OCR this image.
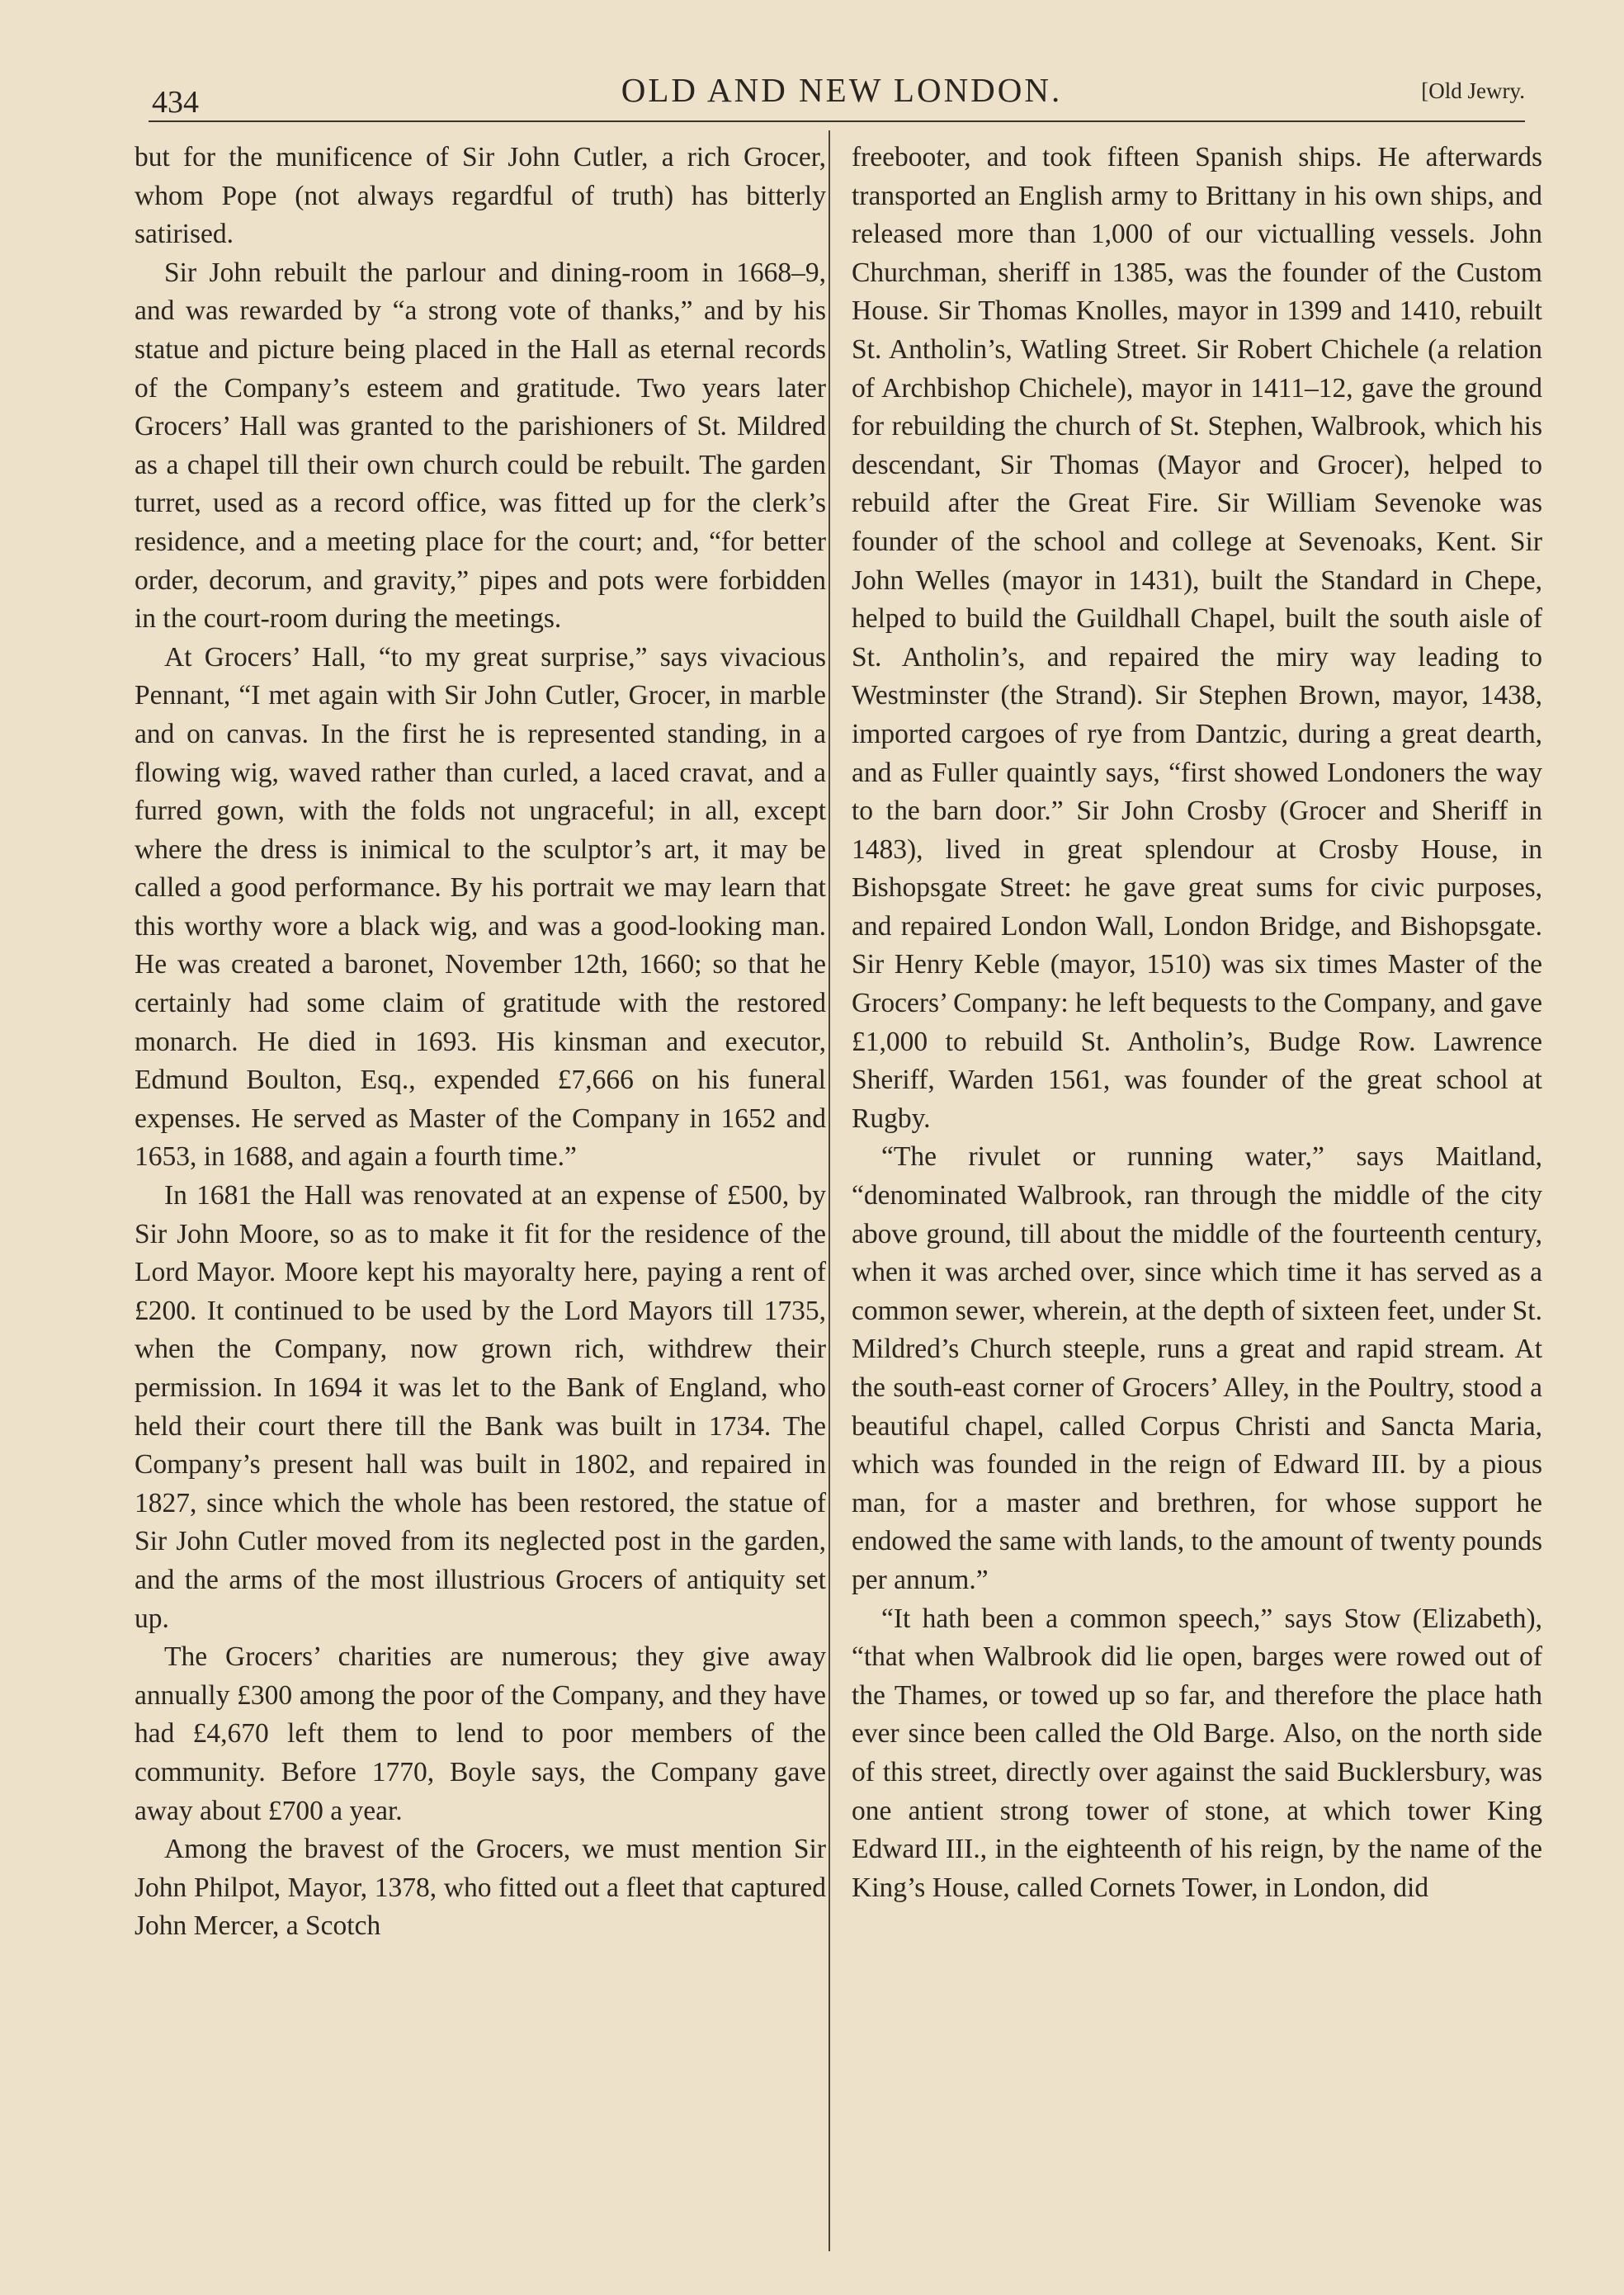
434	OLD AND NEW LONDON.	[Old Jewry.

but for the munificence of Sir John Cutler, a rich Grocer, whom Pope (not always regardful of truth) has bitterly satirised.

Sir John rebuilt the parlour and dining-room in 1668–9, and was rewarded by “a strong vote of thanks,” and by his statue and picture being placed in the Hall as eternal records of the Company’s esteem and gratitude. Two years later Grocers’ Hall was granted to the parishioners of St. Mildred as a chapel till their own church could be rebuilt. The garden turret, used as a record office, was fitted up for the clerk’s residence, and a meeting place for the court; and, “for better order, decorum, and gravity,” pipes and pots were forbidden in the court-room during the meetings.

At Grocers’ Hall, “to my great surprise,” says vivacious Pennant, “I met again with Sir John Cutler, Grocer, in marble and on canvas. In the first he is represented standing, in a flowing wig, waved rather than curled, a laced cravat, and a furred gown, with the folds not ungraceful; in all, except where the dress is inimical to the sculptor’s art, it may be called a good performance. By his portrait we may learn that this worthy wore a black wig, and was a good-looking man. He was created a baronet, November 12th, 1660; so that he certainly had some claim of gratitude with the restored monarch. He died in 1693. His kinsman and executor, Edmund Boulton, Esq., expended £7,666 on his funeral expenses. He served as Master of the Company in 1652 and 1653, in 1688, and again a fourth time.”

In 1681 the Hall was renovated at an expense of £500, by Sir John Moore, so as to make it fit for the residence of the Lord Mayor. Moore kept his mayoralty here, paying a rent of £200. It continued to be used by the Lord Mayors till 1735, when the Company, now grown rich, withdrew their permission. In 1694 it was let to the Bank of England, who held their court there till the Bank was built in 1734. The Company’s present hall was built in 1802, and repaired in 1827, since which the whole has been restored, the statue of Sir John Cutler moved from its neglected post in the garden, and the arms of the most illustrious Grocers of antiquity set up.

The Grocers’ charities are numerous; they give away annually £300 among the poor of the Company, and they have had £4,670 left them to lend to poor members of the community. Before 1770, Boyle says, the Company gave away about £700 a year.

Among the bravest of the Grocers, we must mention Sir John Philpot, Mayor, 1378, who fitted out a fleet that captured John Mercer, a Scotch

freebooter, and took fifteen Spanish ships. He afterwards transported an English army to Brittany in his own ships, and released more than 1,000 of our victualling vessels. John Churchman, sheriff in 1385, was the founder of the Custom House. Sir Thomas Knolles, mayor in 1399 and 1410, rebuilt St. Antholin’s, Watling Street. Sir Robert Chichele (a relation of Archbishop Chichele), mayor in 1411–12, gave the ground for rebuilding the church of St. Stephen, Walbrook, which his descendant, Sir Thomas (Mayor and Grocer), helped to rebuild after the Great Fire. Sir William Sevenoke was founder of the school and college at Sevenoaks, Kent. Sir John Welles (mayor in 1431), built the Standard in Chepe, helped to build the Guildhall Chapel, built the south aisle of St. Antholin’s, and repaired the miry way leading to Westminster (the Strand). Sir Stephen Brown, mayor, 1438, imported cargoes of rye from Dantzic, during a great dearth, and as Fuller quaintly says, “first showed Londoners the way to the barn door.” Sir John Crosby (Grocer and Sheriff in 1483), lived in great splendour at Crosby House, in Bishopsgate Street: he gave great sums for civic purposes, and repaired London Wall, London Bridge, and Bishopsgate. Sir Henry Keble (mayor, 1510) was six times Master of the Grocers’ Company: he left bequests to the Company, and gave £1,000 to rebuild St. Antholin’s, Budge Row. Lawrence Sheriff, Warden 1561, was founder of the great school at Rugby.

“The rivulet or running water,” says Maitland, “denominated Walbrook, ran through the middle of the city above ground, till about the middle of the fourteenth century, when it was arched over, since which time it has served as a common sewer, wherein, at the depth of sixteen feet, under St. Mildred’s Church steeple, runs a great and rapid stream. At the south-east corner of Grocers’ Alley, in the Poultry, stood a beautiful chapel, called Corpus Christi and Sancta Maria, which was founded in the reign of Edward III. by a pious man, for a master and brethren, for whose support he endowed the same with lands, to the amount of twenty pounds per annum.”

“It hath been a common speech,” says Stow (Elizabeth), “that when Walbrook did lie open, barges were rowed out of the Thames, or towed up so far, and therefore the place hath ever since been called the Old Barge. Also, on the north side of this street, directly over against the said Bucklersbury, was one antient strong tower of stone, at which tower King Edward III., in the eighteenth of his reign, by the name of the King’s House, called Cornets Tower, in London, did
